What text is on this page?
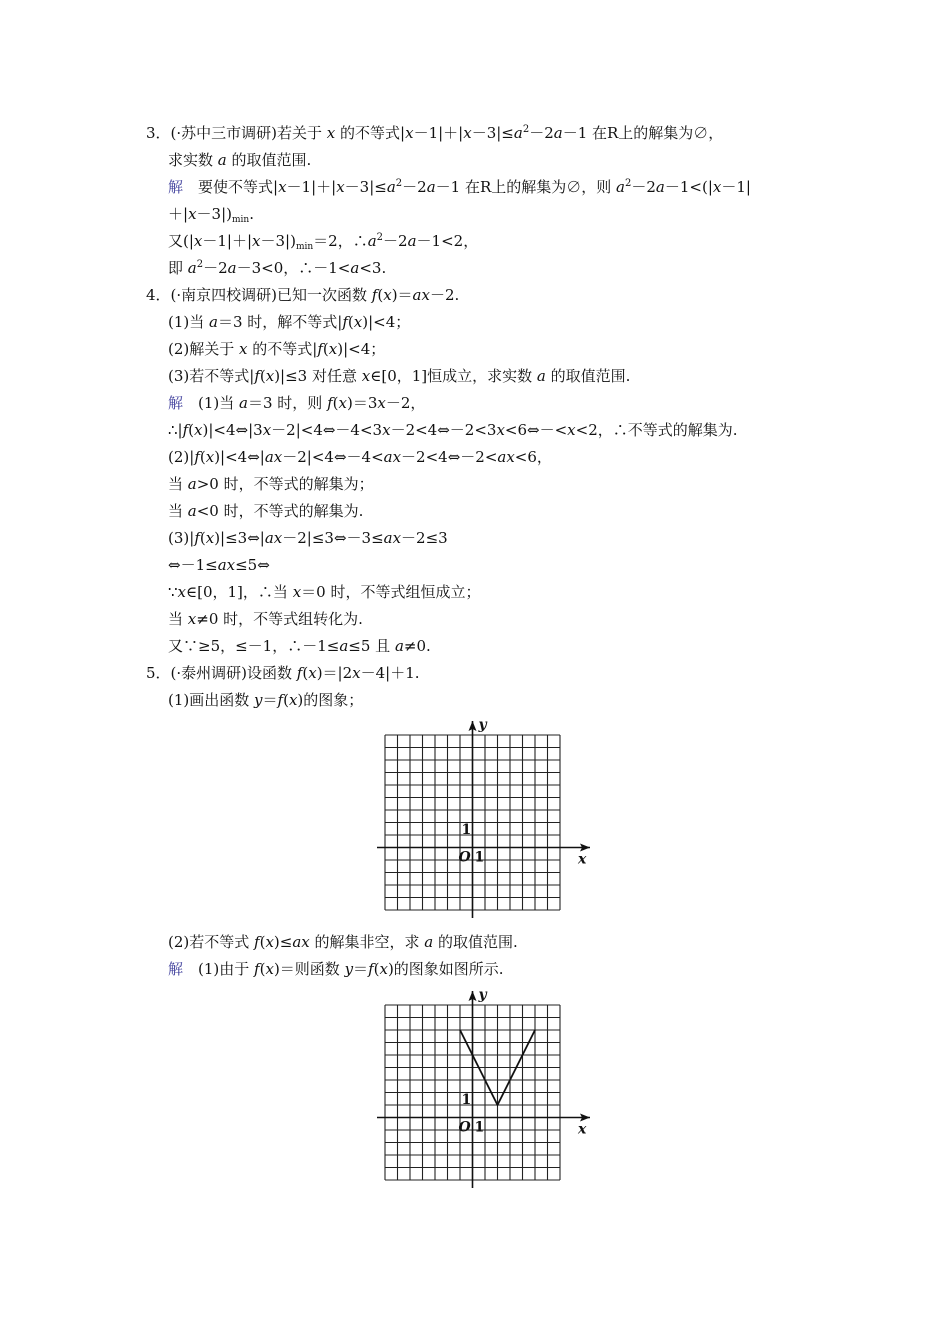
3．(·苏中三市调研)若关于 x 的不等式$|x-1|+|x-3|\le a^2-2a-1$ 在R上的解集为∅，
求实数 a 的取值范围.
解　要使不等式$|x-1|+|x-3|\le a^2-2a-1$ 在R上的解集为∅，则 $a^2-2a-1<(|x-1|$
$+|x-3|)_{min}$.
又$(|x-1|+|x-3|)_{min}=2$，$\therefore a^2-2a-1<2$，
即 $a^2-2a-3<0$，∴－1<a<3.
4．(·南京四校调研)已知一次函数 f(x)＝ax－2.
(1)当 a＝3 时，解不等式|f(x)|<4；
(2)解关于 x 的不等式|f(x)|<4；
(3)若不等式|f(x)|≤3 对任意 x∈[0，1]恒成立，求实数 a 的取值范围.
解　(1)当 a＝3 时，则 f(x)＝3x－2，
∴|f(x)|<4⇔|3x－2|<4⇔－4<3x－2<4⇔－2<3x<6⇔－<x<2，∴不等式的解集为.
(2)|f(x)|<4⇔|ax－2|<4⇔－4<ax－2<4⇔－2<ax<6，
当 a>0 时，不等式的解集为；
当 a<0 时，不等式的解集为.
(3)|f(x)|≤3⇔|ax－2|≤3⇔－3≤ax－2≤3
⇔－1≤ax≤5⇔
∵x∈[0，1]，∴当 x＝0 时，不等式组恒成立；
当 x≠0 时，不等式组转化为.
又∵≥5，≤－1，∴－1≤a≤5 且 a≠0.
5．(·泰州调研)设函数 f(x)＝|2x－4|＋1.
(1)画出函数 y＝f(x)的图象；
y
x
O 1
1
(2)若不等式 f(x)≤ax 的解集非空，求 a 的取值范围.
解　(1)由于 f(x)＝则函数 y＝f(x)的图象如图所示.
y
x
O 1
1
